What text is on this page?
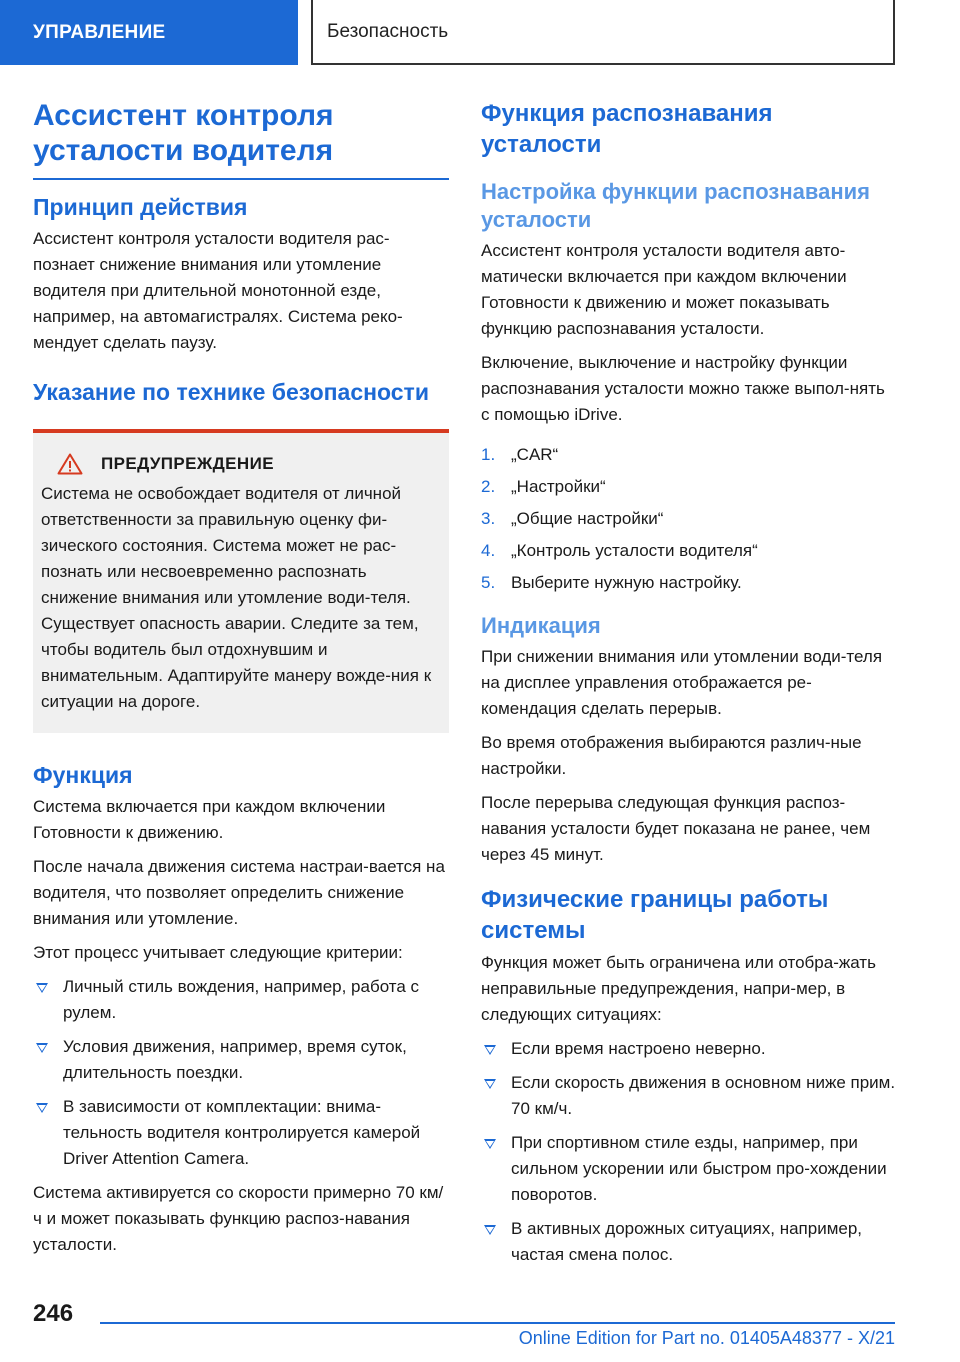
УПРАВЛЕНИЕ	Безопасность
Ассистент контроля усталости водителя
Принцип действия

Ассистент контроля усталости водителя рас-познает снижение внимания или утомление водителя при длительной монотонной езде, например, на автомагистралях. Система реко-мендует сделать паузу.

Указание по технике безопасности
ПРЕДУПРЕЖДЕНИЕ

Система не освобождает водителя от личной ответственности за правильную оценку фи-зического состояния. Система может не рас-познать или несвоевременно распознать снижение внимания или утомление води-теля. Существует опасность аварии. Следите за тем, чтобы водитель был отдохнувшим и внимательным. Адаптируйте манеру вожде-ния к ситуации на дороге.

Функция

Система включается при каждом включении Готовности к движению.

После начала движения система настраи-вается на водителя, что позволяет определить снижение внимания или утомление.

Этот процесс учитывает следующие критерии:

Личный стиль вождения, например, работа с рулем.
Условия движения, например, время суток, длительность поездки.
В зависимости от комплектации: внима-тельность водителя контролируется камерой Driver Attention Camera.

Система активируется со скорости примерно 70 км/ч и может показывать функцию распоз-навания усталости.

Функция распознавания усталости
Настройка функции распознавания усталости

Ассистент контроля усталости водителя авто-матически включается при каждом включении Готовности к движению и может показывать функцию распознавания усталости.

Включение, выключение и настройку функции распознавания усталости можно также выпол-нять с помощью iDrive.

1. „CAR“
2. „Настройки“
3. „Общие настройки“
4. „Контроль усталости водителя“
5. Выберите нужную настройку.
Индикация

При снижении внимания или утомлении води-теля на дисплее управления отображается ре-комендация сделать перерыв.

Во время отображения выбираются различ-ные настройки.

После перерыва следующая функция распоз-навания усталости будет показана не ранее, чем через 45 минут.

Физические границы работы системы

Функция может быть ограничена или отобра-жать неправильные предупреждения, напри-мер, в следующих ситуациях:

Если время настроено неверно.
Если скорость движения в основном ниже прим. 70 км/ч.
При спортивном стиле езды, например, при сильном ускорении или быстром про-хождении поворотов.
В активных дорожных ситуациях, например, частая смена полос.
246
Online Edition for Part no. 01405A48377 - X/21
